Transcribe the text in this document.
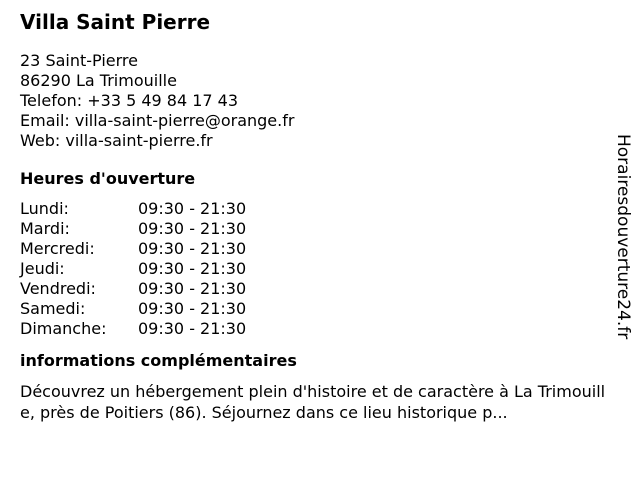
Villa Saint Pierre
23 Saint-Pierre
86290 La Trimouille
Telefon: +33 5 49 84 17 43
Email: villa-saint-pierre@orange.fr
Web: villa-saint-pierre.fr
Heures d'ouverture
Lundi:	09:30 - 21:30
Mardi:	09:30 - 21:30
Mercredi:	09:30 - 21:30
Jeudi:	09:30 - 21:30
Vendredi:	09:30 - 21:30
Samedi:	09:30 - 21:30
Dimanche:	09:30 - 21:30
informations complémentaires
Découvrez un hébergement plein d'histoire et de caractère à La Trimouille, près de Poitiers (86). Séjournez dans ce lieu historique p...
Horairesdouverture24.fr
